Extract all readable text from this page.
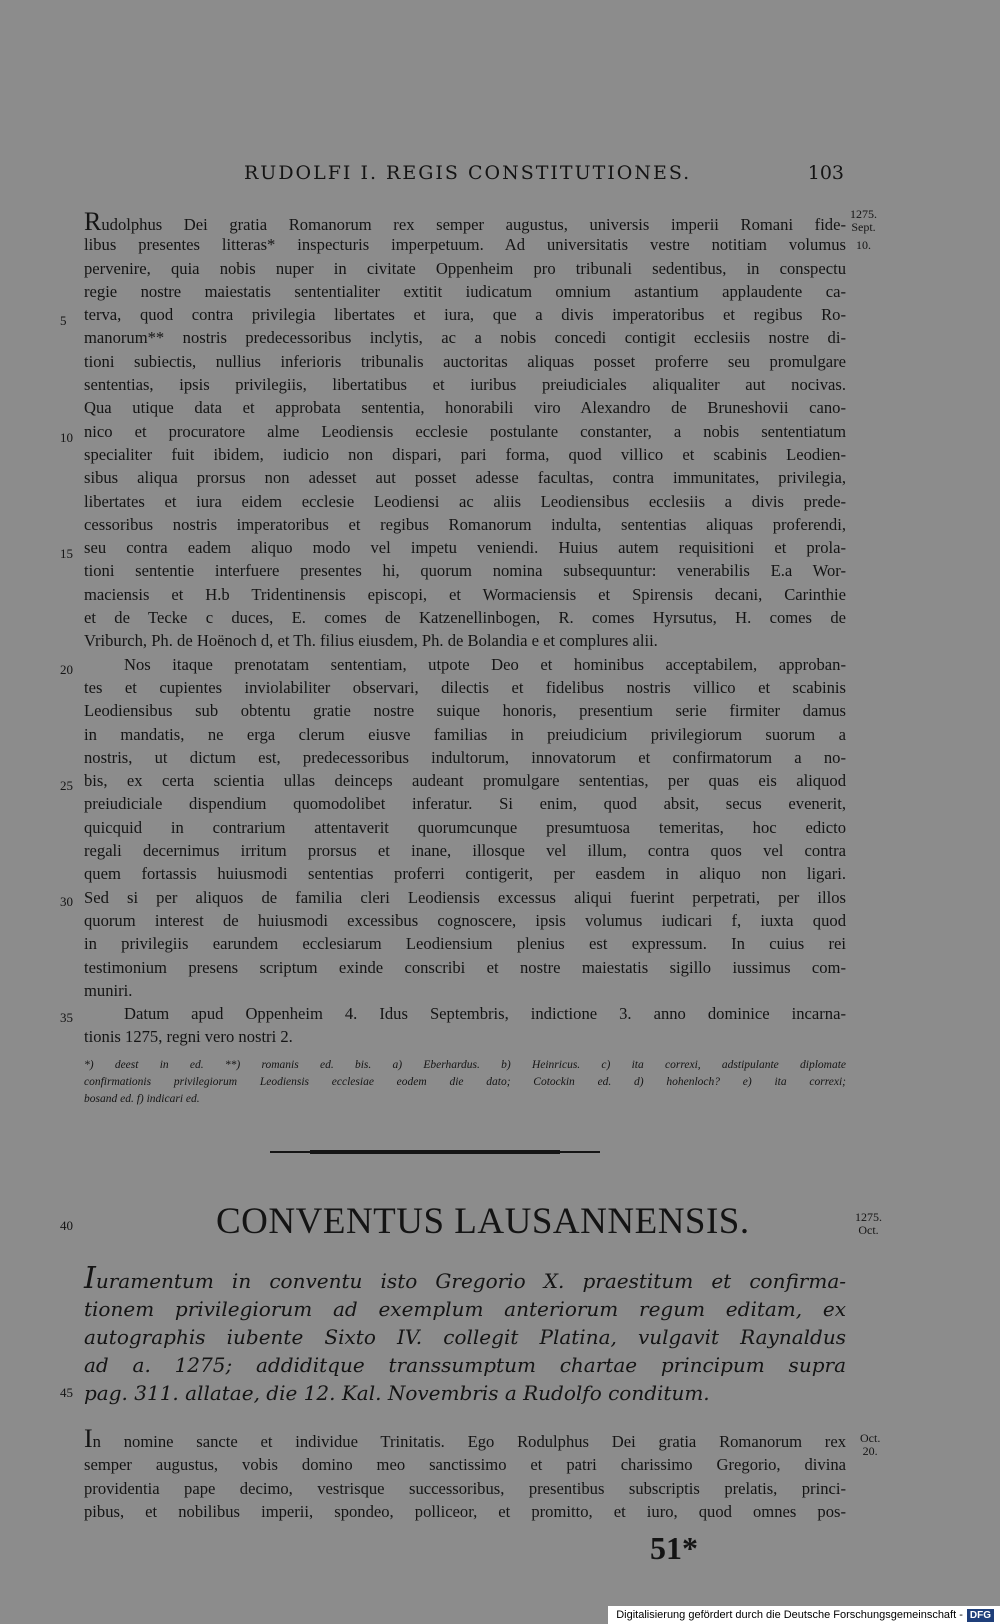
RUDOLFI I. REGIS CONSTITUTIONES.	103
1275.
Sept.
10.
1275.
Oct.
Oct.
20.
5
10
15
20
25
30
35
40
45
Rudolphus Dei gratia Romanorum rex semper augustus, universis imperii Romani fide-
libus presentes litteras* inspecturis imperpetuum. Ad universitatis vestre notitiam volumus
pervenire, quia nobis nuper in civitate Oppenheim pro tribunali sedentibus, in conspectu
regie nostre maiestatis sententialiter extitit iudicatum omnium astantium applaudente ca-
terva, quod contra privilegia libertates et iura, que a divis imperatoribus et regibus Ro-
manorum** nostris predecessoribus inclytis, ac a nobis concedi contigit ecclesiis nostre di-
tioni subiectis, nullius inferioris tribunalis auctoritas aliquas posset proferre seu promulgare
sententias, ipsis privilegiis, libertatibus et iuribus preiudiciales aliqualiter aut nocivas.
Qua utique data et approbata sententia, honorabili viro Alexandro de Bruneshovii cano-
nico et procuratore alme Leodiensis ecclesie postulante constanter, a nobis sententiatum
specialiter fuit ibidem, iudicio non dispari, pari forma, quod villico et scabinis Leodien-
sibus aliqua prorsus non adesset aut posset adesse facultas, contra immunitates, privilegia,
libertates et iura eidem ecclesie Leodiensi ac aliis Leodiensibus ecclesiis a divis prede-
cessoribus nostris imperatoribus et regibus Romanorum indulta, sententias aliquas proferendi,
seu contra eadem aliquo modo vel impetu veniendi. Huius autem requisitioni et prola-
tioni sententie interfuere presentes hi, quorum nomina subsequuntur: venerabilis E.a Wor-
maciensis et H.b Tridentinensis episcopi, et Wormaciensis et Spirensis decani, Carinthie
et de Tecke c duces, E. comes de Katzenellinbogen, R. comes Hyrsutus, H. comes de
Vriburch, Ph. de Hoënoch d, et Th. filius eiusdem, Ph. de Bolandia e et complures alii.
Nos itaque prenotatam sententiam, utpote Deo et hominibus acceptabilem, approban-
tes et cupientes inviolabiliter observari, dilectis et fidelibus nostris villico et scabinis
Leodiensibus sub obtentu gratie nostre suique honoris, presentium serie firmiter damus
in mandatis, ne erga clerum eiusve familias in preiudicium privilegiorum suorum a
nostris, ut dictum est, predecessoribus indultorum, innovatorum et confirmatorum a no-
bis, ex certa scientia ullas deinceps audeant promulgare sententias, per quas eis aliquod
preiudiciale dispendium quomodolibet inferatur. Si enim, quod absit, secus evenerit,
quicquid in contrarium attentaverit quorumcunque presumtuosa temeritas, hoc edicto
regali decernimus irritum prorsus et inane, illosque vel illum, contra quos vel contra
quem fortassis huiusmodi sententias proferri contigerit, per easdem in aliquo non ligari.
Sed si per aliquos de familia cleri Leodiensis excessus aliqui fuerint perpetrati, per illos
quorum interest de huiusmodi excessibus cognoscere, ipsis volumus iudicari f, iuxta quod
in privilegiis earundem ecclesiarum Leodiensium plenius est expressum. In cuius rei
testimonium presens scriptum exinde conscribi et nostre maiestatis sigillo iussimus com-
muniri.
Datum apud Oppenheim 4. Idus Septembris, indictione 3. anno dominice incarna-
tionis 1275, regni vero nostri 2.
*) deest in ed. **) romanis ed. bis. a) Eberhardus. b) Heinricus. c) ita correxi, adstipulante diplomate
confirmationis privilegiorum Leodiensis ecclesiae eodem die dato; Cotockin ed. d) hohenloch? e) ita correxi;
bosand ed. f) indicari ed.
CONVENTUS LAUSANNENSIS.
Iuramentum in conventu isto Gregorio X. praestitum et confirma-
tionem privilegiorum ad exemplum anteriorum regum editam, ex
autographis iubente Sixto IV. collegit Platina, vulgavit Raynaldus
ad a. 1275; addiditque transsumptum chartae principum supra
pag. 311. allatae, die 12. Kal. Novembris a Rudolfo conditum.
In nomine sancte et individue Trinitatis. Ego Rodulphus Dei gratia Romanorum rex
semper augustus, vobis domino meo sanctissimo et patri charissimo Gregorio, divina
providentia pape decimo, vestrisque successoribus, presentibus subscriptis prelatis, princi-
pibus, et nobilibus imperii, spondeo, polliceor, et promitto, et iuro, quod omnes pos-
51*
Digitalisierung gefördert durch die Deutsche Forschungsgemeinschaft - DFG
